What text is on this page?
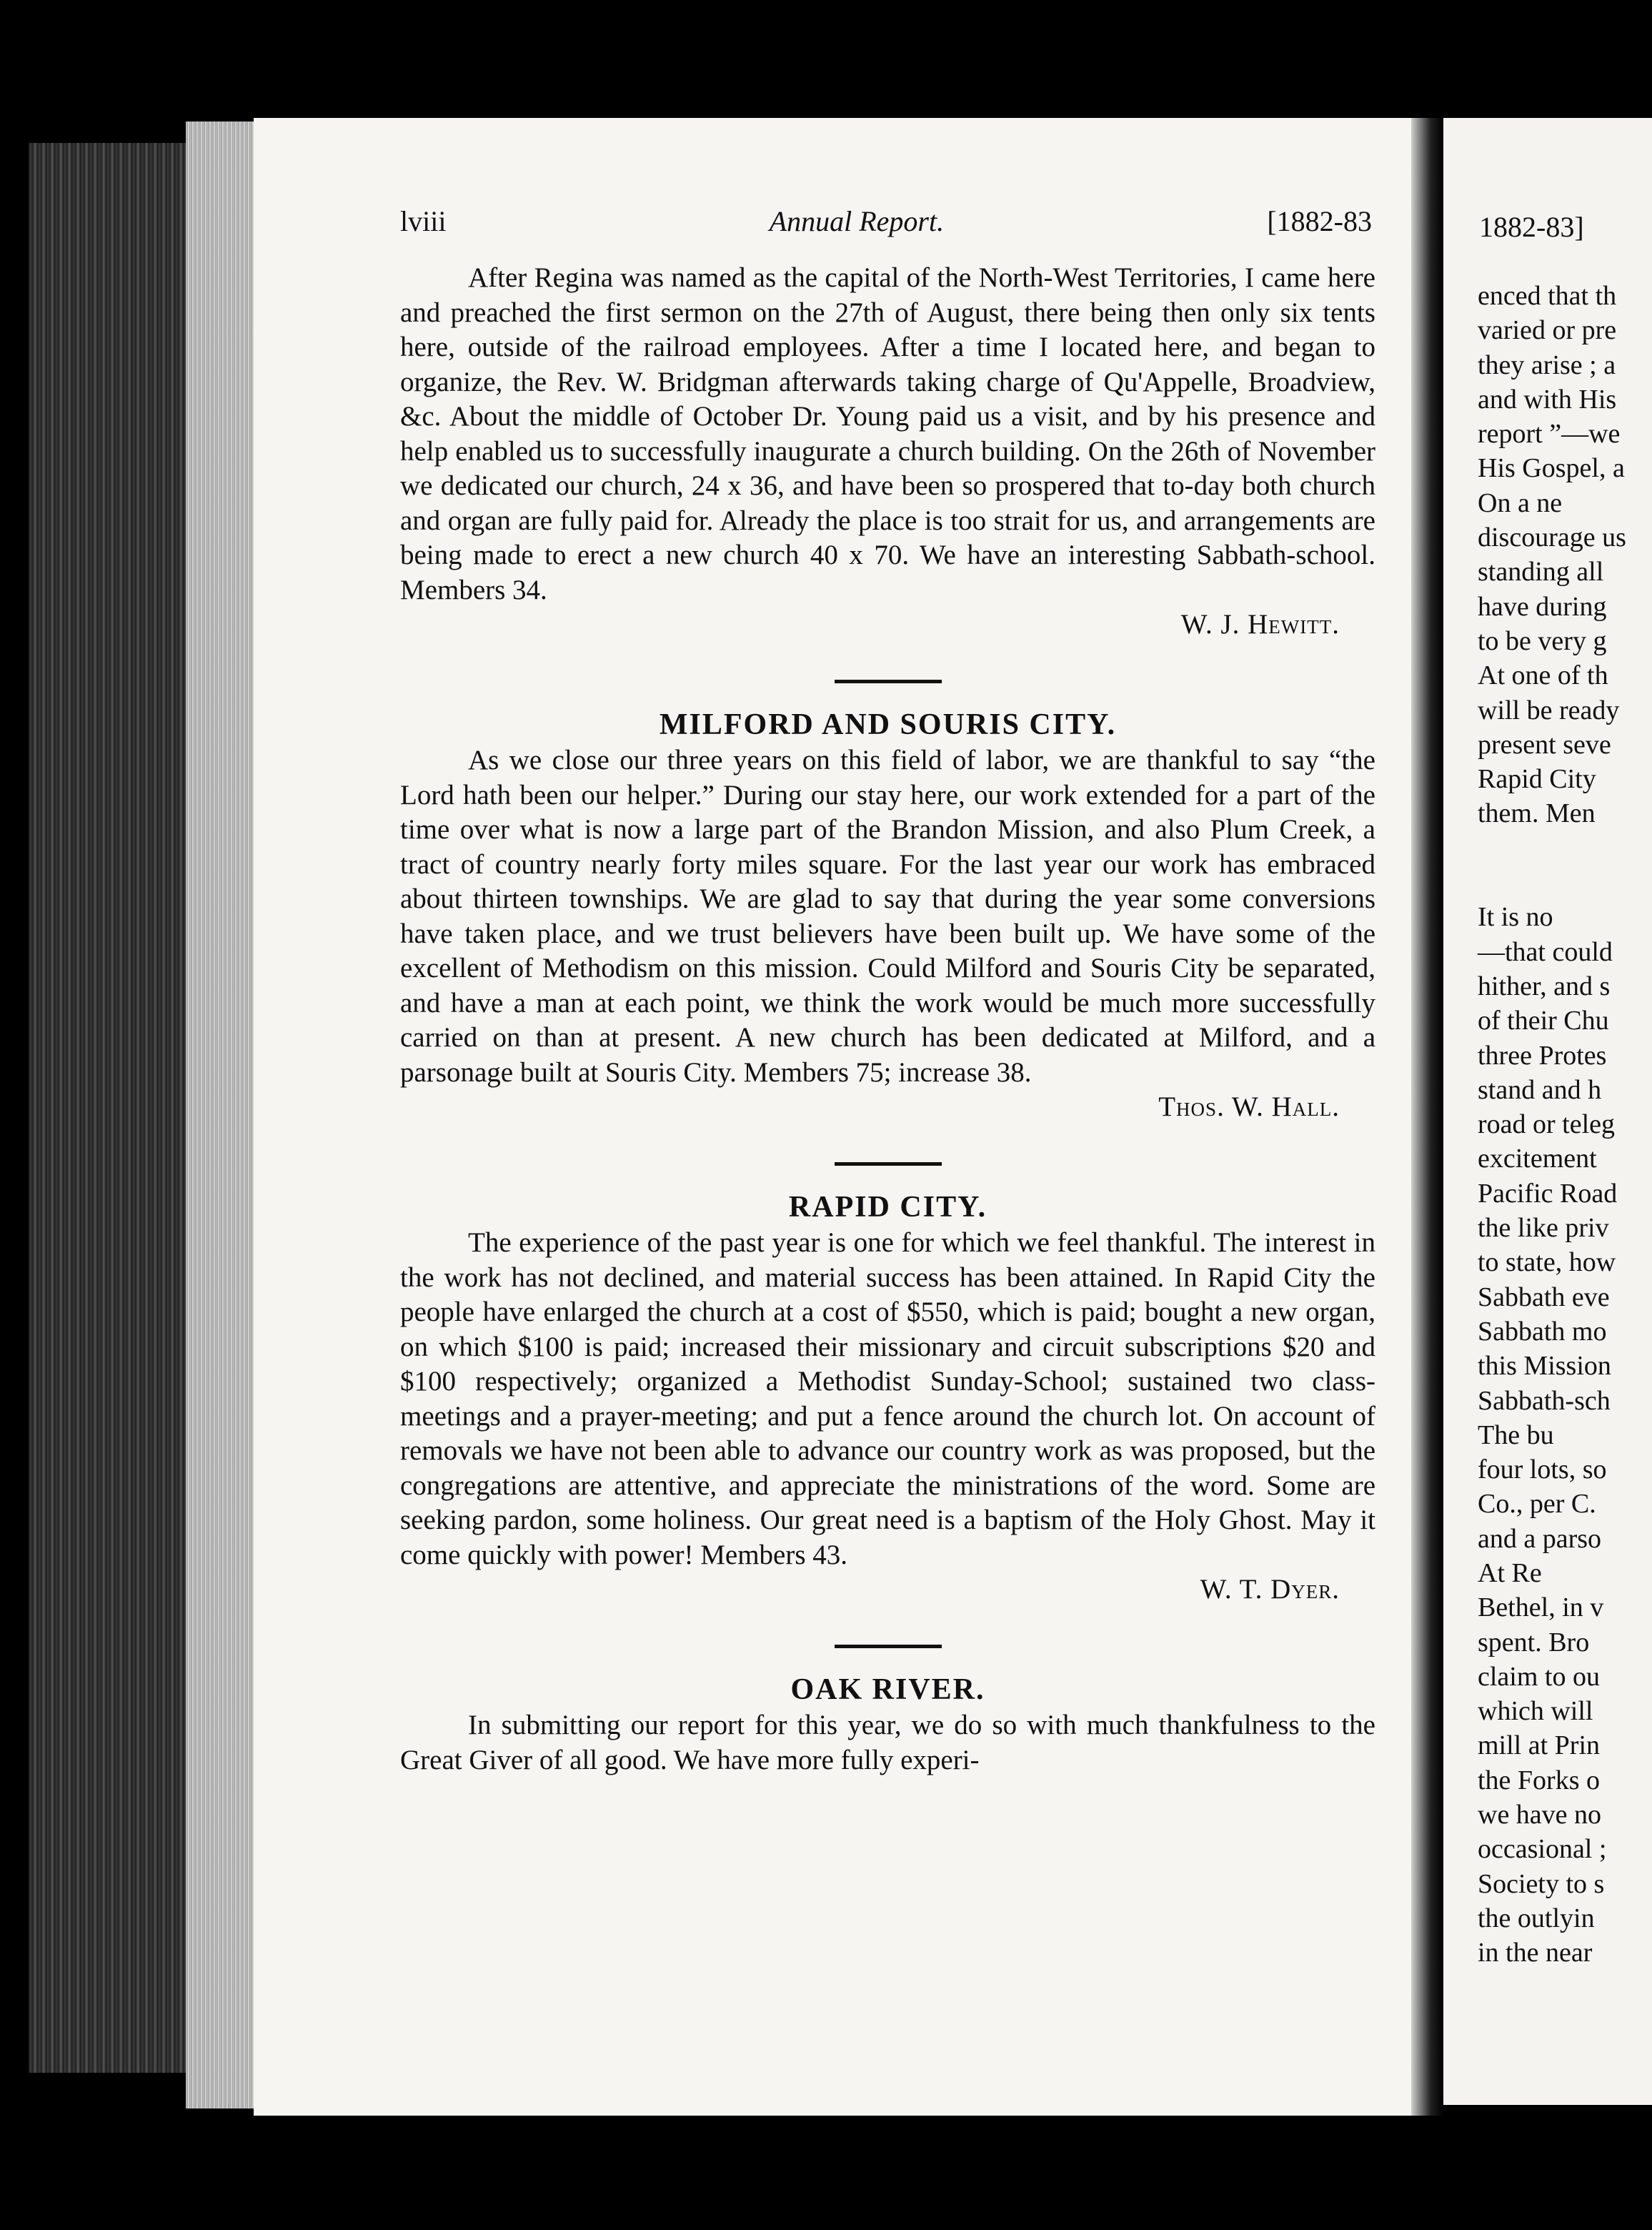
lviii	Annual Report.	[1882-83

After Regina was named as the capital of the North-West Territories, I came here and preached the first sermon on the 27th of August, there being then only six tents here, outside of the railroad employees. After a time I located here, and began to organize, the Rev. W. Bridgman afterwards taking charge of Qu'Appelle, Broadview, &c. About the middle of October Dr. Young paid us a visit, and by his presence and help enabled us to successfully inaugurate a church building. On the 26th of November we dedicated our church, 24 x 36, and have been so prospered that to-day both church and organ are fully paid for. Already the place is too strait for us, and arrangements are being made to erect a new church 40 x 70. We have an interesting Sabbath-school. Members 34.

W. J. Hewitt.
MILFORD AND SOURIS CITY.

As we close our three years on this field of labor, we are thankful to say “the Lord hath been our helper.” During our stay here, our work extended for a part of the time over what is now a large part of the Brandon Mission, and also Plum Creek, a tract of country nearly forty miles square. For the last year our work has embraced about thirteen townships. We are glad to say that during the year some conversions have taken place, and we trust believers have been built up. We have some of the excellent of Methodism on this mission. Could Milford and Souris City be separated, and have a man at each point, we think the work would be much more successfully carried on than at present. A new church has been dedicated at Milford, and a parsonage built at Souris City. Members 75; increase 38.

Thos. W. Hall.
RAPID CITY.

The experience of the past year is one for which we feel thankful. The interest in the work has not declined, and material success has been attained. In Rapid City the people have enlarged the church at a cost of $550, which is paid; bought a new organ, on which $100 is paid; increased their missionary and circuit subscriptions $20 and $100 respectively; organized a Methodist Sunday-School; sustained two class-meetings and a prayer-meeting; and put a fence around the church lot. On account of removals we have not been able to advance our country work as was proposed, but the congregations are attentive, and appreciate the ministrations of the word. Some are seeking pardon, some holiness. Our great need is a baptism of the Holy Ghost. May it come quickly with power! Members 43.

W. T. Dyer.
OAK RIVER.

In submitting our report for this year, we do so with much thankfulness to the Great Giver of all good. We have more fully experi-

1882-83]
enced that th
varied or pre
they arise ; a
and with His
report ”—we
His Gospel, a
On a ne
discourage us
standing all
have during
to be very g
At one of th
will be ready
present seve
Rapid City
them. Men
It is no
—that could
hither, and s
of their Chu
three Protes
stand and h
road or teleg
excitement
Pacific Road
the like priv
to state, how
Sabbath eve
Sabbath mo
this Mission
Sabbath-sch
The bu
four lots, so
Co., per C.
and a parso
At Re
Bethel, in v
spent. Bro
claim to ou
which will
mill at Prin
the Forks o
we have no
occasional ;
Society to s
the outlyin
in the near
